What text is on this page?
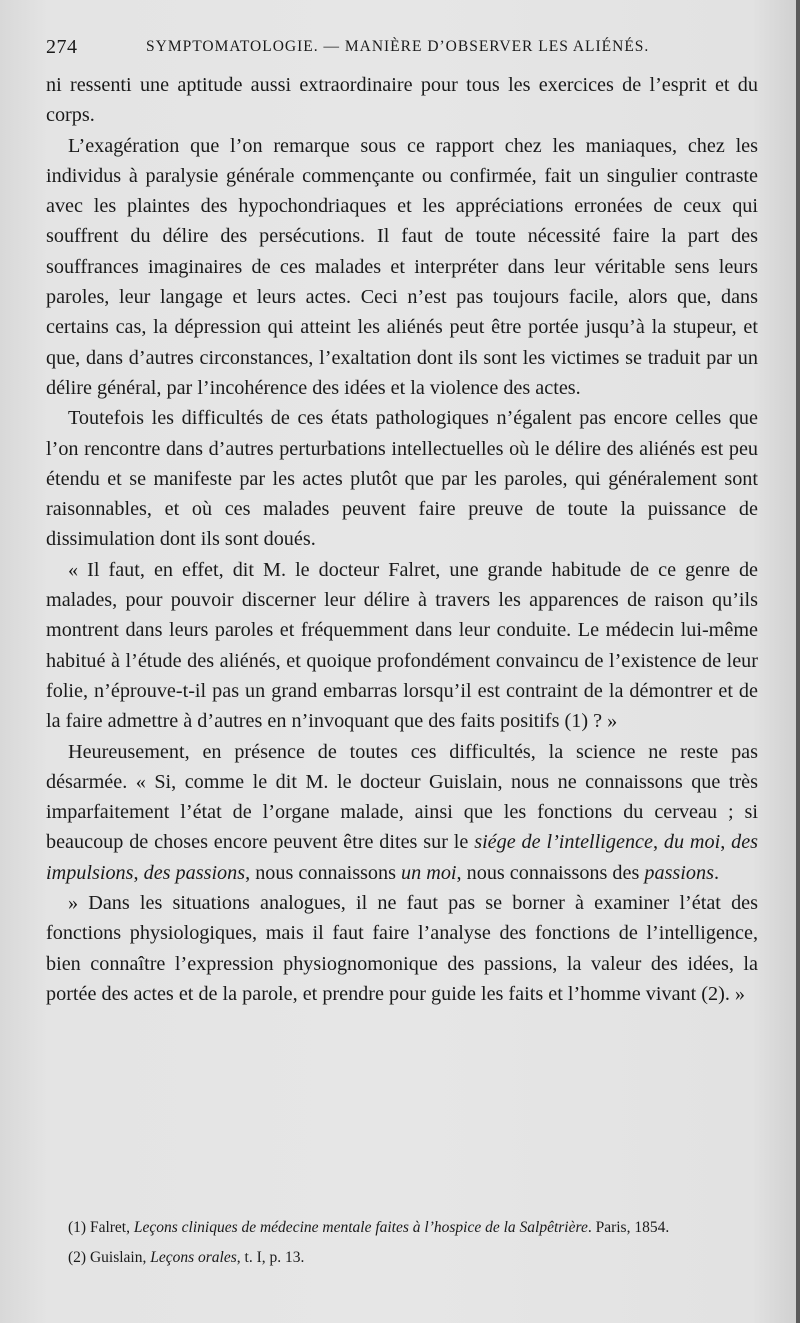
274	SYMPTOMATOLOGIE. — MANIÈRE D’OBSERVER LES ALIÉNÉS.

ni ressenti une aptitude aussi extraordinaire pour tous les exercices de l’esprit et du corps.

L’exagération que l’on remarque sous ce rapport chez les maniaques, chez les individus à paralysie générale commençante ou confirmée, fait un singulier contraste avec les plaintes des hypochondriaques et les appréciations erronées de ceux qui souffrent du délire des persécutions. Il faut de toute nécessité faire la part des souffrances imaginaires de ces malades et interpréter dans leur véritable sens leurs paroles, leur langage et leurs actes. Ceci n’est pas toujours facile, alors que, dans certains cas, la dépression qui atteint les aliénés peut être portée jusqu’à la stupeur, et que, dans d’autres circonstances, l’exaltation dont ils sont les victimes se traduit par un délire général, par l’incohérence des idées et la violence des actes.

Toutefois les difficultés de ces états pathologiques n’égalent pas encore celles que l’on rencontre dans d’autres perturbations intellectuelles où le délire des aliénés est peu étendu et se manifeste par les actes plutôt que par les paroles, qui généralement sont raisonnables, et où ces malades peuvent faire preuve de toute la puissance de dissimulation dont ils sont doués.

« Il faut, en effet, dit M. le docteur Falret, une grande habitude de ce genre de malades, pour pouvoir discerner leur délire à travers les apparences de raison qu’ils montrent dans leurs paroles et fréquemment dans leur conduite. Le médecin lui-même habitué à l’étude des aliénés, et quoique profondément convaincu de l’existence de leur folie, n’éprouve-t-il pas un grand embarras lorsqu’il est contraint de la démontrer et de la faire admettre à d’autres en n’invoquant que des faits positifs (1) ? »

Heureusement, en présence de toutes ces difficultés, la science ne reste pas désarmée. « Si, comme le dit M. le docteur Guislain, nous ne connaissons que très imparfaitement l’état de l’organe malade, ainsi que les fonctions du cerveau ; si beaucoup de choses encore peuvent être dites sur le siége de l’intelligence, du moi, des impulsions, des passions, nous connaissons un moi, nous connaissons des passions.

» Dans les situations analogues, il ne faut pas se borner à examiner l’état des fonctions physiologiques, mais il faut faire l’analyse des fonctions de l’intelligence, bien connaître l’expression physiognomonique des passions, la valeur des idées, la portée des actes et de la parole, et prendre pour guide les faits et l’homme vivant (2). »

(1) Falret, Leçons cliniques de médecine mentale faites à l’hospice de la Salpêtrière. Paris, 1854.

(2) Guislain, Leçons orales, t. I, p. 13.
